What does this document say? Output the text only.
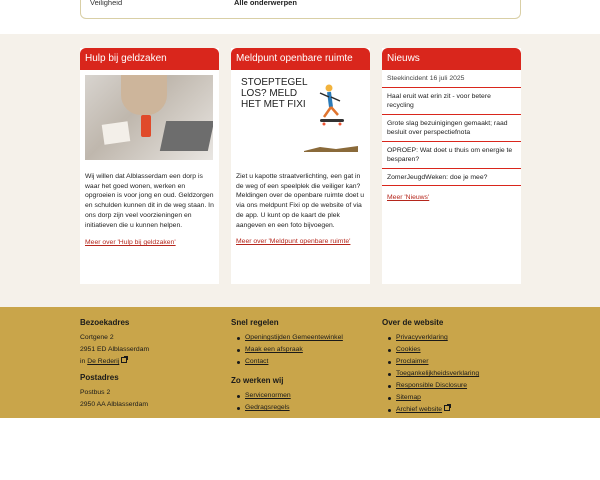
Veiligheid	Alle onderwerpen
Hulp bij geldzaken

Wij willen dat Alblasserdam een dorp is waar het goed wonen, werken en opgroeien is voor jong en oud. Geldzorgen en schulden kunnen dit in de weg staan. In ons dorp zijn veel voorzieningen en initiatieven die u kunnen helpen.

Meer over 'Hulp bij geldzaken'
Meldpunt openbare ruimte
STOEPTEGEL LOS? MELD HET MET FIXI

Ziet u kapotte straatverlichting, een gat in de weg of een speelplek die veiliger kan? Meldingen over de openbare ruimte doet u via ons meldpunt Fixi op de website of via de app. U kunt op de kaart de plek aangeven en een foto bijvoegen.

Meer over 'Meldpunt openbare ruimte'
Nieuws
Steekincident 16 juli 2025
Haal eruit wat erin zit - voor betere recycling
Grote slag bezuinigingen gemaakt; raad besluit over perspectiefnota
OPROEP: Wat doet u thuis om energie te besparen?
ZomerJeugdWeken: doe je mee?
Meer 'Nieuws'
Bezoekadres
Cortgene 2
2951 ED Alblasserdam
in De Rederij
Postadres
Postbus 2
2950 AA Alblasserdam
Snel regelen
Openingstijden Gemeentewinkel
Maak een afspraak
Contact
Zo werken wij
Servicenormen
Gedragsregels
Over de website
Privacyverklaring
Cookies
Proclaimer
Toegankelijkheidsverklaring
Responsible Disclosure
Sitemap
Archief website
